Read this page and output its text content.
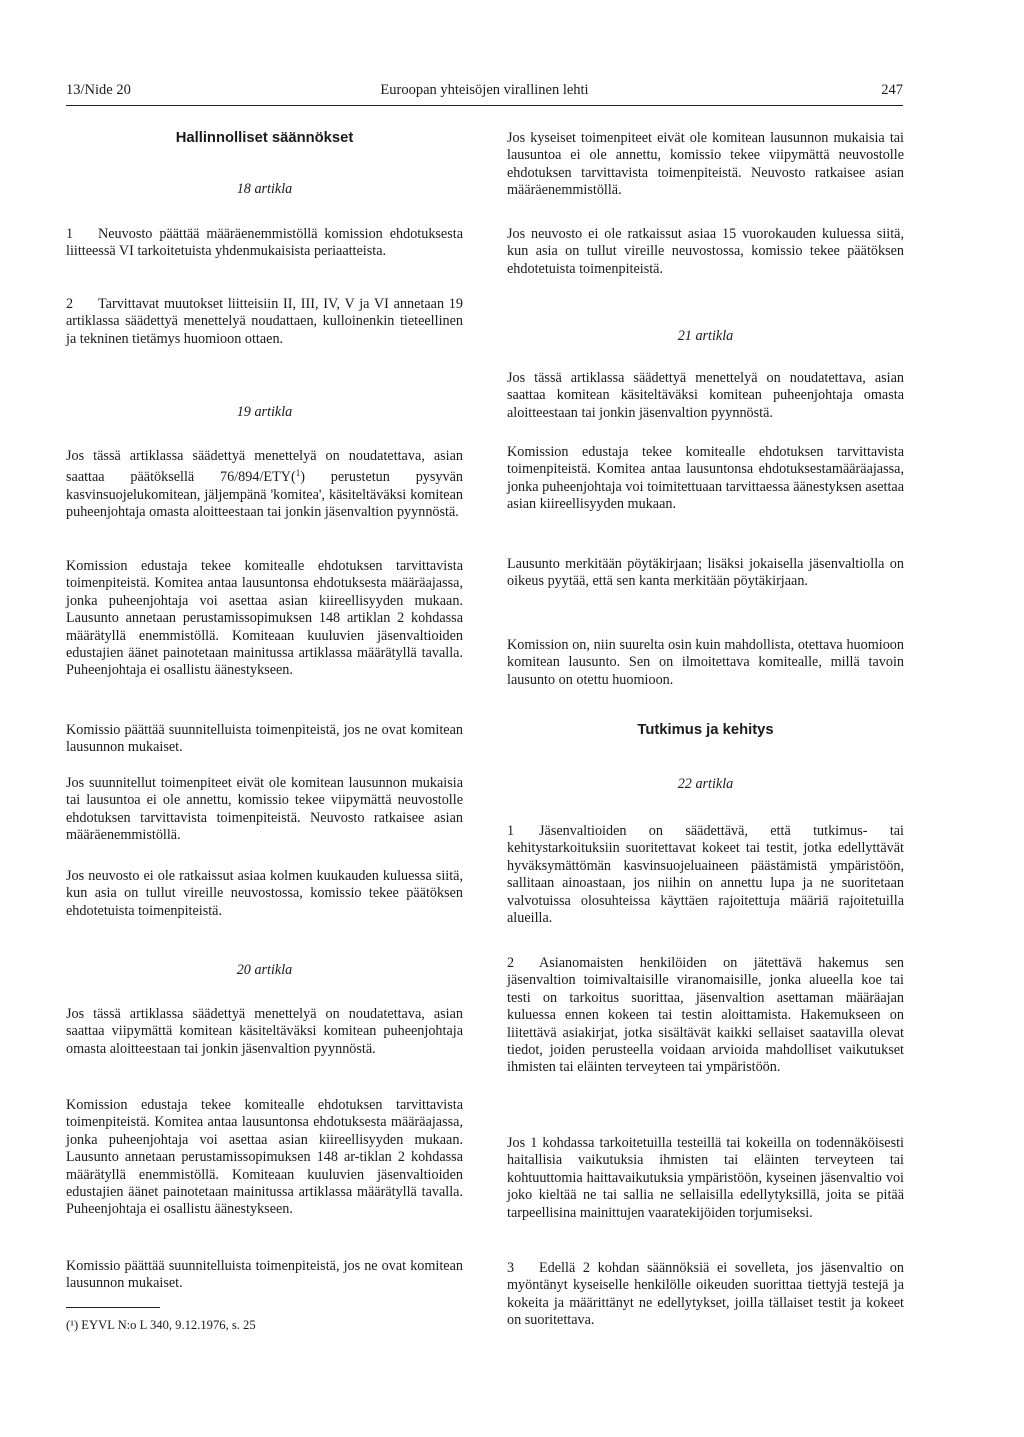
13/Nide 20	Euroopan yhteisöjen virallinen lehti	247
Hallinnolliset säännökset
18 artikla

1 Neuvosto päättää määräenemmistöllä komission ehdotuksesta liitteessä VI tarkoitetuista yhdenmukaisista periaatteista.

2 Tarvittavat muutokset liitteisiin II, III, IV, V ja VI annetaan 19 artiklassa säädettyä menettelyä noudattaen, kulloinenkin tieteellinen ja tekninen tietämys huomioon ottaen.

19 artikla

Jos tässä artiklassa säädettyä menettelyä on noudatettava, asian saattaa päätöksellä 76/894/ETY($^1$) perustetun pysyvän kasvinsuojelukomitean, jäljempänä 'komitea', käsiteltäväksi komitean puheenjohtaja omasta aloitteestaan tai jonkin jäsenvaltion pyynnöstä.

Komission edustaja tekee komitealle ehdotuksen tarvittavista toimenpiteistä. Komitea antaa lausuntonsa ehdotuksesta määräajassa, jonka puheenjohtaja voi asettaa asian kiireellisyyden mukaan. Lausunto annetaan perustamissopimuksen 148 artiklan 2 kohdassa määrätyllä enemmistöllä. Komiteaan kuuluvien jäsenvaltioiden edustajien äänet painotetaan mainitussa artiklassa määrätyllä tavalla. Puheenjohtaja ei osallistu äänestykseen.

Komissio päättää suunnitelluista toimenpiteistä, jos ne ovat komitean lausunnon mukaiset.

Jos suunnitellut toimenpiteet eivät ole komitean lausunnon mukaisia tai lausuntoa ei ole annettu, komissio tekee viipymättä neuvostolle ehdotuksen tarvittavista toimenpiteistä. Neuvosto ratkaisee asian määräenemmistöllä.

Jos neuvosto ei ole ratkaissut asiaa kolmen kuukauden kuluessa siitä, kun asia on tullut vireille neuvostossa, komissio tekee päätöksen ehdotetuista toimenpiteistä.

20 artikla

Jos tässä artiklassa säädettyä menettelyä on noudatettava, asian saattaa viipymättä komitean käsiteltäväksi komitean puheenjohtaja omasta aloitteestaan tai jonkin jäsenvaltion pyynnöstä.

Komission edustaja tekee komitealle ehdotuksen tarvittavista toimenpiteistä. Komitea antaa lausuntonsa ehdotuksesta määräajassa, jonka puheenjohtaja voi asettaa asian kiireellisyyden mukaan. Lausunto annetaan perustamissopimuksen 148 ar-tiklan 2 kohdassa määrätyllä enemmistöllä. Komiteaan kuuluvien jäsenvaltioiden edustajien äänet painotetaan mainitussa artiklassa määrätyllä tavalla. Puheenjohtaja ei osallistu äänestykseen.

Komissio päättää suunnitelluista toimenpiteistä, jos ne ovat komitean lausunnon mukaiset.

(¹) EYVL N:o L 340, 9.12.1976, s. 25

Jos kyseiset toimenpiteet eivät ole komitean lausunnon mukaisia tai lausuntoa ei ole annettu, komissio tekee viipymättä neuvostolle ehdotuksen tarvittavista toimenpiteistä. Neuvosto ratkaisee asian määräenemmistöllä.

Jos neuvosto ei ole ratkaissut asiaa 15 vuorokauden kuluessa siitä, kun asia on tullut vireille neuvostossa, komissio tekee päätöksen ehdotetuista toimenpiteistä.

21 artikla

Jos tässä artiklassa säädettyä menettelyä on noudatettava, asian saattaa komitean käsiteltäväksi komitean puheenjohtaja omasta aloitteestaan tai jonkin jäsenvaltion pyynnöstä.

Komission edustaja tekee komitealle ehdotuksen tarvittavista toimenpiteistä. Komitea antaa lausuntonsa ehdotuksestamääräajassa, jonka puheenjohtaja voi toimitettuaan tarvittaessa äänestyksen asettaa asian kiireellisyyden mukaan.

Lausunto merkitään pöytäkirjaan; lisäksi jokaisella jäsenvaltiolla on oikeus pyytää, että sen kanta merkitään pöytäkirjaan.

Komission on, niin suurelta osin kuin mahdollista, otettava huomioon komitean lausunto. Sen on ilmoitettava komitealle, millä tavoin lausunto on otettu huomioon.

Tutkimus ja kehitys
22 artikla

1 Jäsenvaltioiden on säädettävä, että tutkimus- tai kehitystarkoituksiin suoritettavat kokeet tai testit, jotka edellyttävät hyväksymättömän kasvinsuojeluaineen päästämistä ympäristöön, sallitaan ainoastaan, jos niihin on annettu lupa ja ne suoritetaan valvotuissa olosuhteissa käyttäen rajoitettuja määriä rajoitetuilla alueilla.

2 Asianomaisten henkilöiden on jätettävä hakemus sen jäsenvaltion toimivaltaisille viranomaisille, jonka alueella koe tai testi on tarkoitus suorittaa, jäsenvaltion asettaman määräajan kuluessa ennen kokeen tai testin aloittamista. Hakemukseen on liitettävä asiakirjat, jotka sisältävät kaikki sellaiset saatavilla olevat tiedot, joiden perusteella voidaan arvioida mahdolliset vaikutukset ihmisten tai eläinten terveyteen tai ympäristöön.

Jos 1 kohdassa tarkoitetuilla testeillä tai kokeilla on todennäköisesti haitallisia vaikutuksia ihmisten tai eläinten terveyteen tai kohtuuttomia haittavaikutuksia ympäristöön, kyseinen jäsenvaltio voi joko kieltää ne tai sallia ne sellaisilla edellytyksillä, joita se pitää tarpeellisina mainittujen vaaratekijöiden torjumiseksi.

3 Edellä 2 kohdan säännöksiä ei sovelleta, jos jäsenvaltio on myöntänyt kyseiselle henkilölle oikeuden suorittaa tiettyjä testejä ja kokeita ja määrittänyt ne edellytykset, joilla tällaiset testit ja kokeet on suoritettava.
